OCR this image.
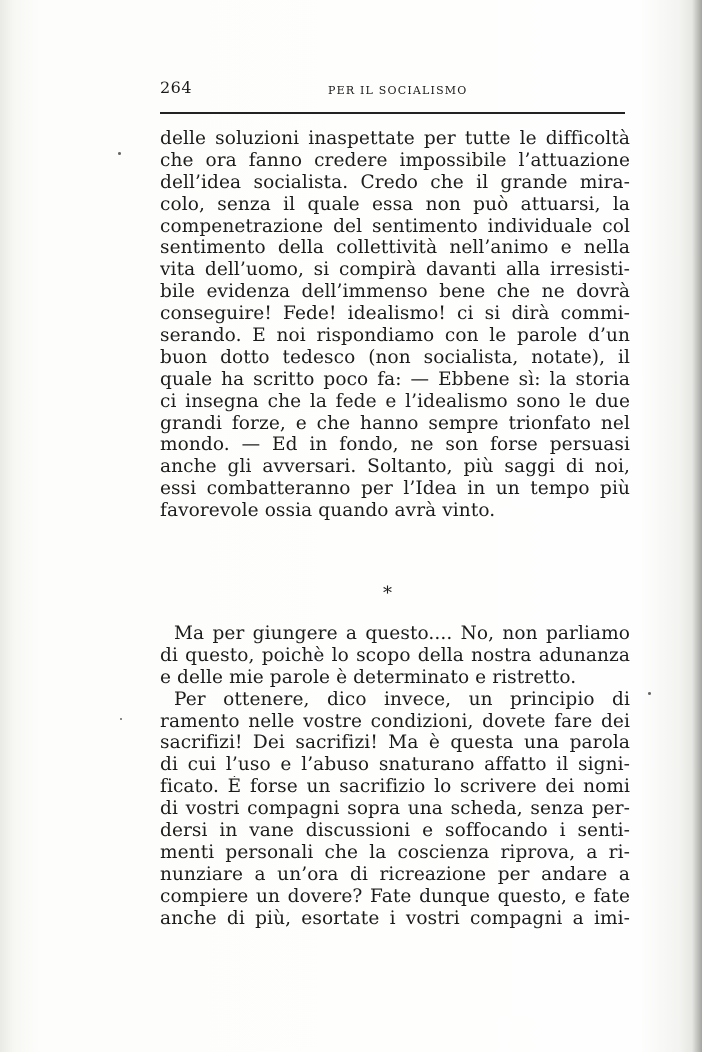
264	PER IL SOCIALISMO
delle soluzioni inaspettate per tutte le difficoltà
che ora fanno credere impossibile l’attuazione
dell’idea socialista. Credo che il grande mira-
colo, senza il quale essa non può attuarsi, la
compenetrazione del sentimento individuale col
sentimento della collettività nell’animo e nella
vita dell’uomo, si compirà davanti alla irresisti-
bile evidenza dell’immenso bene che ne dovrà
conseguire! Fede! idealismo! ci si dirà commi-
serando. E noi rispondiamo con le parole d’un
buon dotto tedesco (non socialista, notate), il
quale ha scritto poco fa: — Ebbene sì: la storia
ci insegna che la fede e l’idealismo sono le due
grandi forze, e che hanno sempre trionfato nel
mondo. — Ed in fondo, ne son forse persuasi
anche gli avversari. Soltanto, più saggi di noi,
essi combatteranno per l’Idea in un tempo più
favorevole ossia quando avrà vinto.
*
Ma per giungere a questo.... No, non parliamo
di questo, poichè lo scopo della nostra adunanza
e delle mie parole è determinato e ristretto.
Per ottenere, dico invece, un principio di
ramento nelle vostre condizioni, dovete fare dei
sacrifizi! Dei sacrifizi! Ma è questa una parola
di cui l’uso e l’abuso snaturano affatto il signi-
ficato. È forse un sacrifizio lo scrivere dei nomi
di vostri compagni sopra una scheda, senza per-
dersi in vane discussioni e soffocando i senti-
menti personali che la coscienza riprova, a ri-
nunziare a un’ora di ricreazione per andare a
compiere un dovere? Fate dunque questo, e fate
anche di più, esortate i vostri compagni a imi-
